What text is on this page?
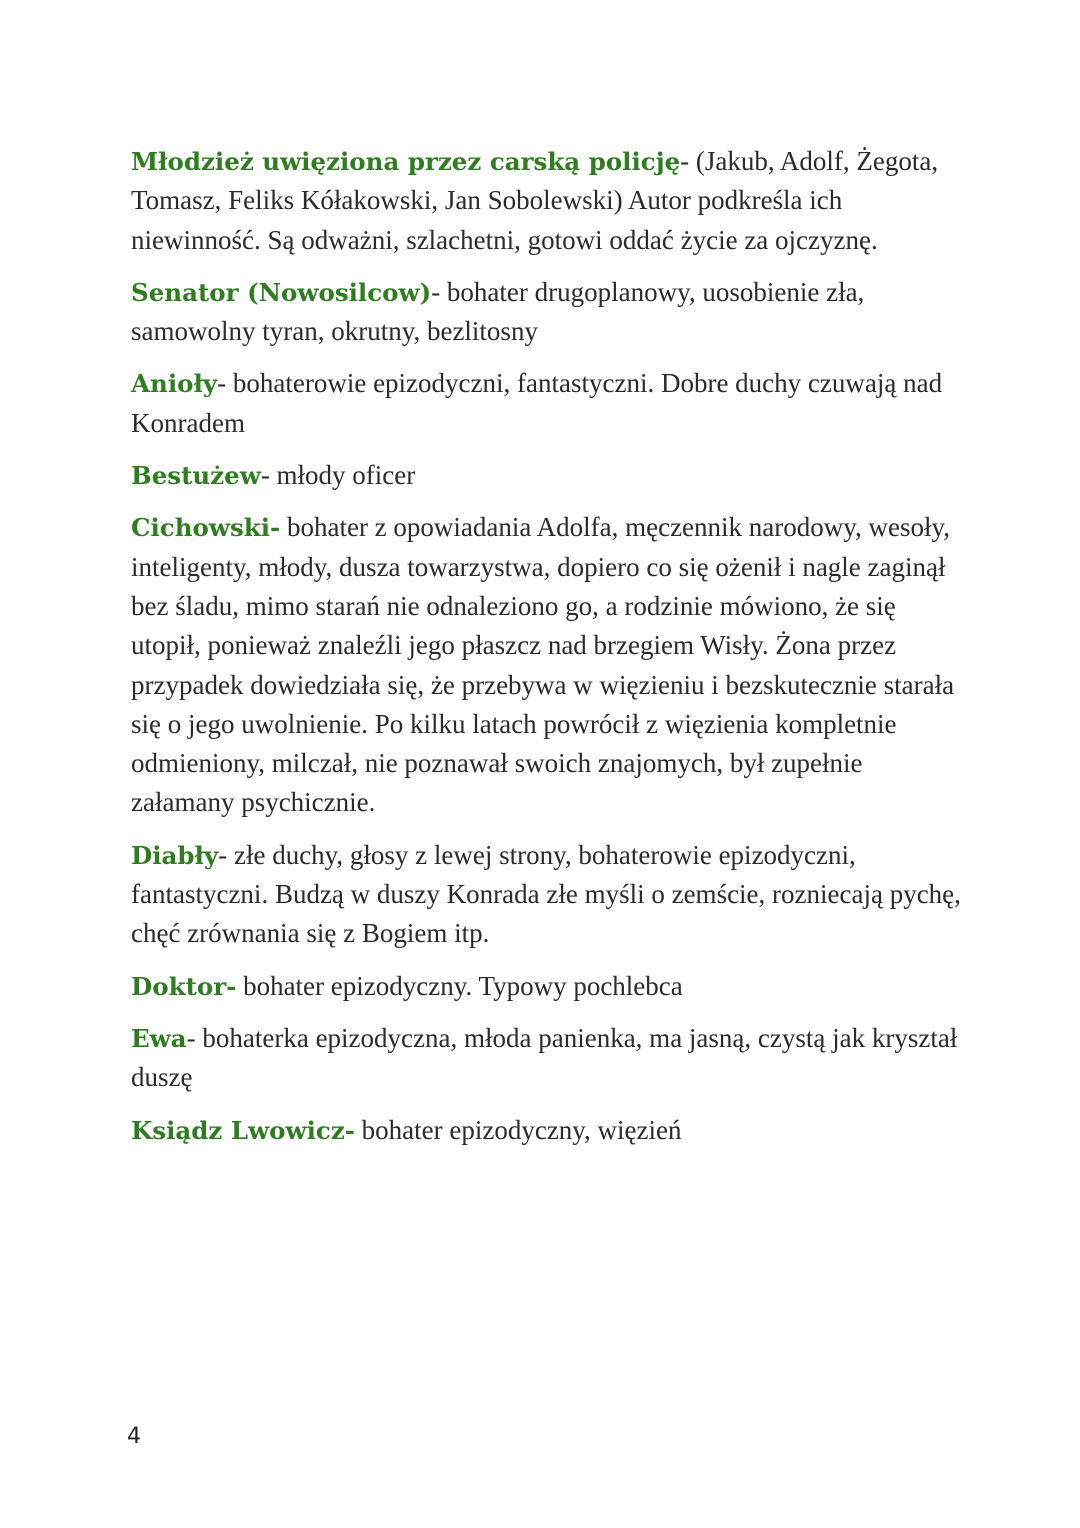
Młodzież uwięziona przez carską policję- (Jakub, Adolf, Żegota, Tomasz, Feliks Kółakowski, Jan Sobolewski) Autor podkreśla ich niewinność. Są odważni, szlachetni, gotowi oddać życie za ojczyznę.

Senator (Nowosilcow)- bohater drugoplanowy, uosobienie zła, samowolny tyran, okrutny, bezlitosny

Anioły- bohaterowie epizodyczni, fantastyczni. Dobre duchy czuwają nad Konradem

Bestużew- młody oficer

Cichowski- bohater z opowiadania Adolfa, męczennik narodowy, wesoły, inteligenty, młody, dusza towarzystwa, dopiero co się ożenił i nagle zaginął bez śladu, mimo starań nie odnaleziono go, a rodzinie mówiono, że się utopił, ponieważ znaleźli jego płaszcz nad brzegiem Wisły. Żona przez przypadek dowiedziała się, że przebywa w więzieniu i bezskutecznie starała się o jego uwolnienie. Po kilku latach powrócił z więzienia kompletnie odmieniony, milczał, nie poznawał swoich znajomych, był zupełnie załamany psychicznie.

Diabły- złe duchy, głosy z lewej strony, bohaterowie epizodyczni, fantastyczni. Budzą w duszy Konrada złe myśli o zemście, rozniecają pychę, chęć zrównania się z Bogiem itp.

Doktor- bohater epizodyczny. Typowy pochlebca

Ewa- bohaterka epizodyczna, młoda panienka, ma jasną, czystą jak kryształ duszę

Ksiądz Lwowicz- bohater epizodyczny, więzień

4
